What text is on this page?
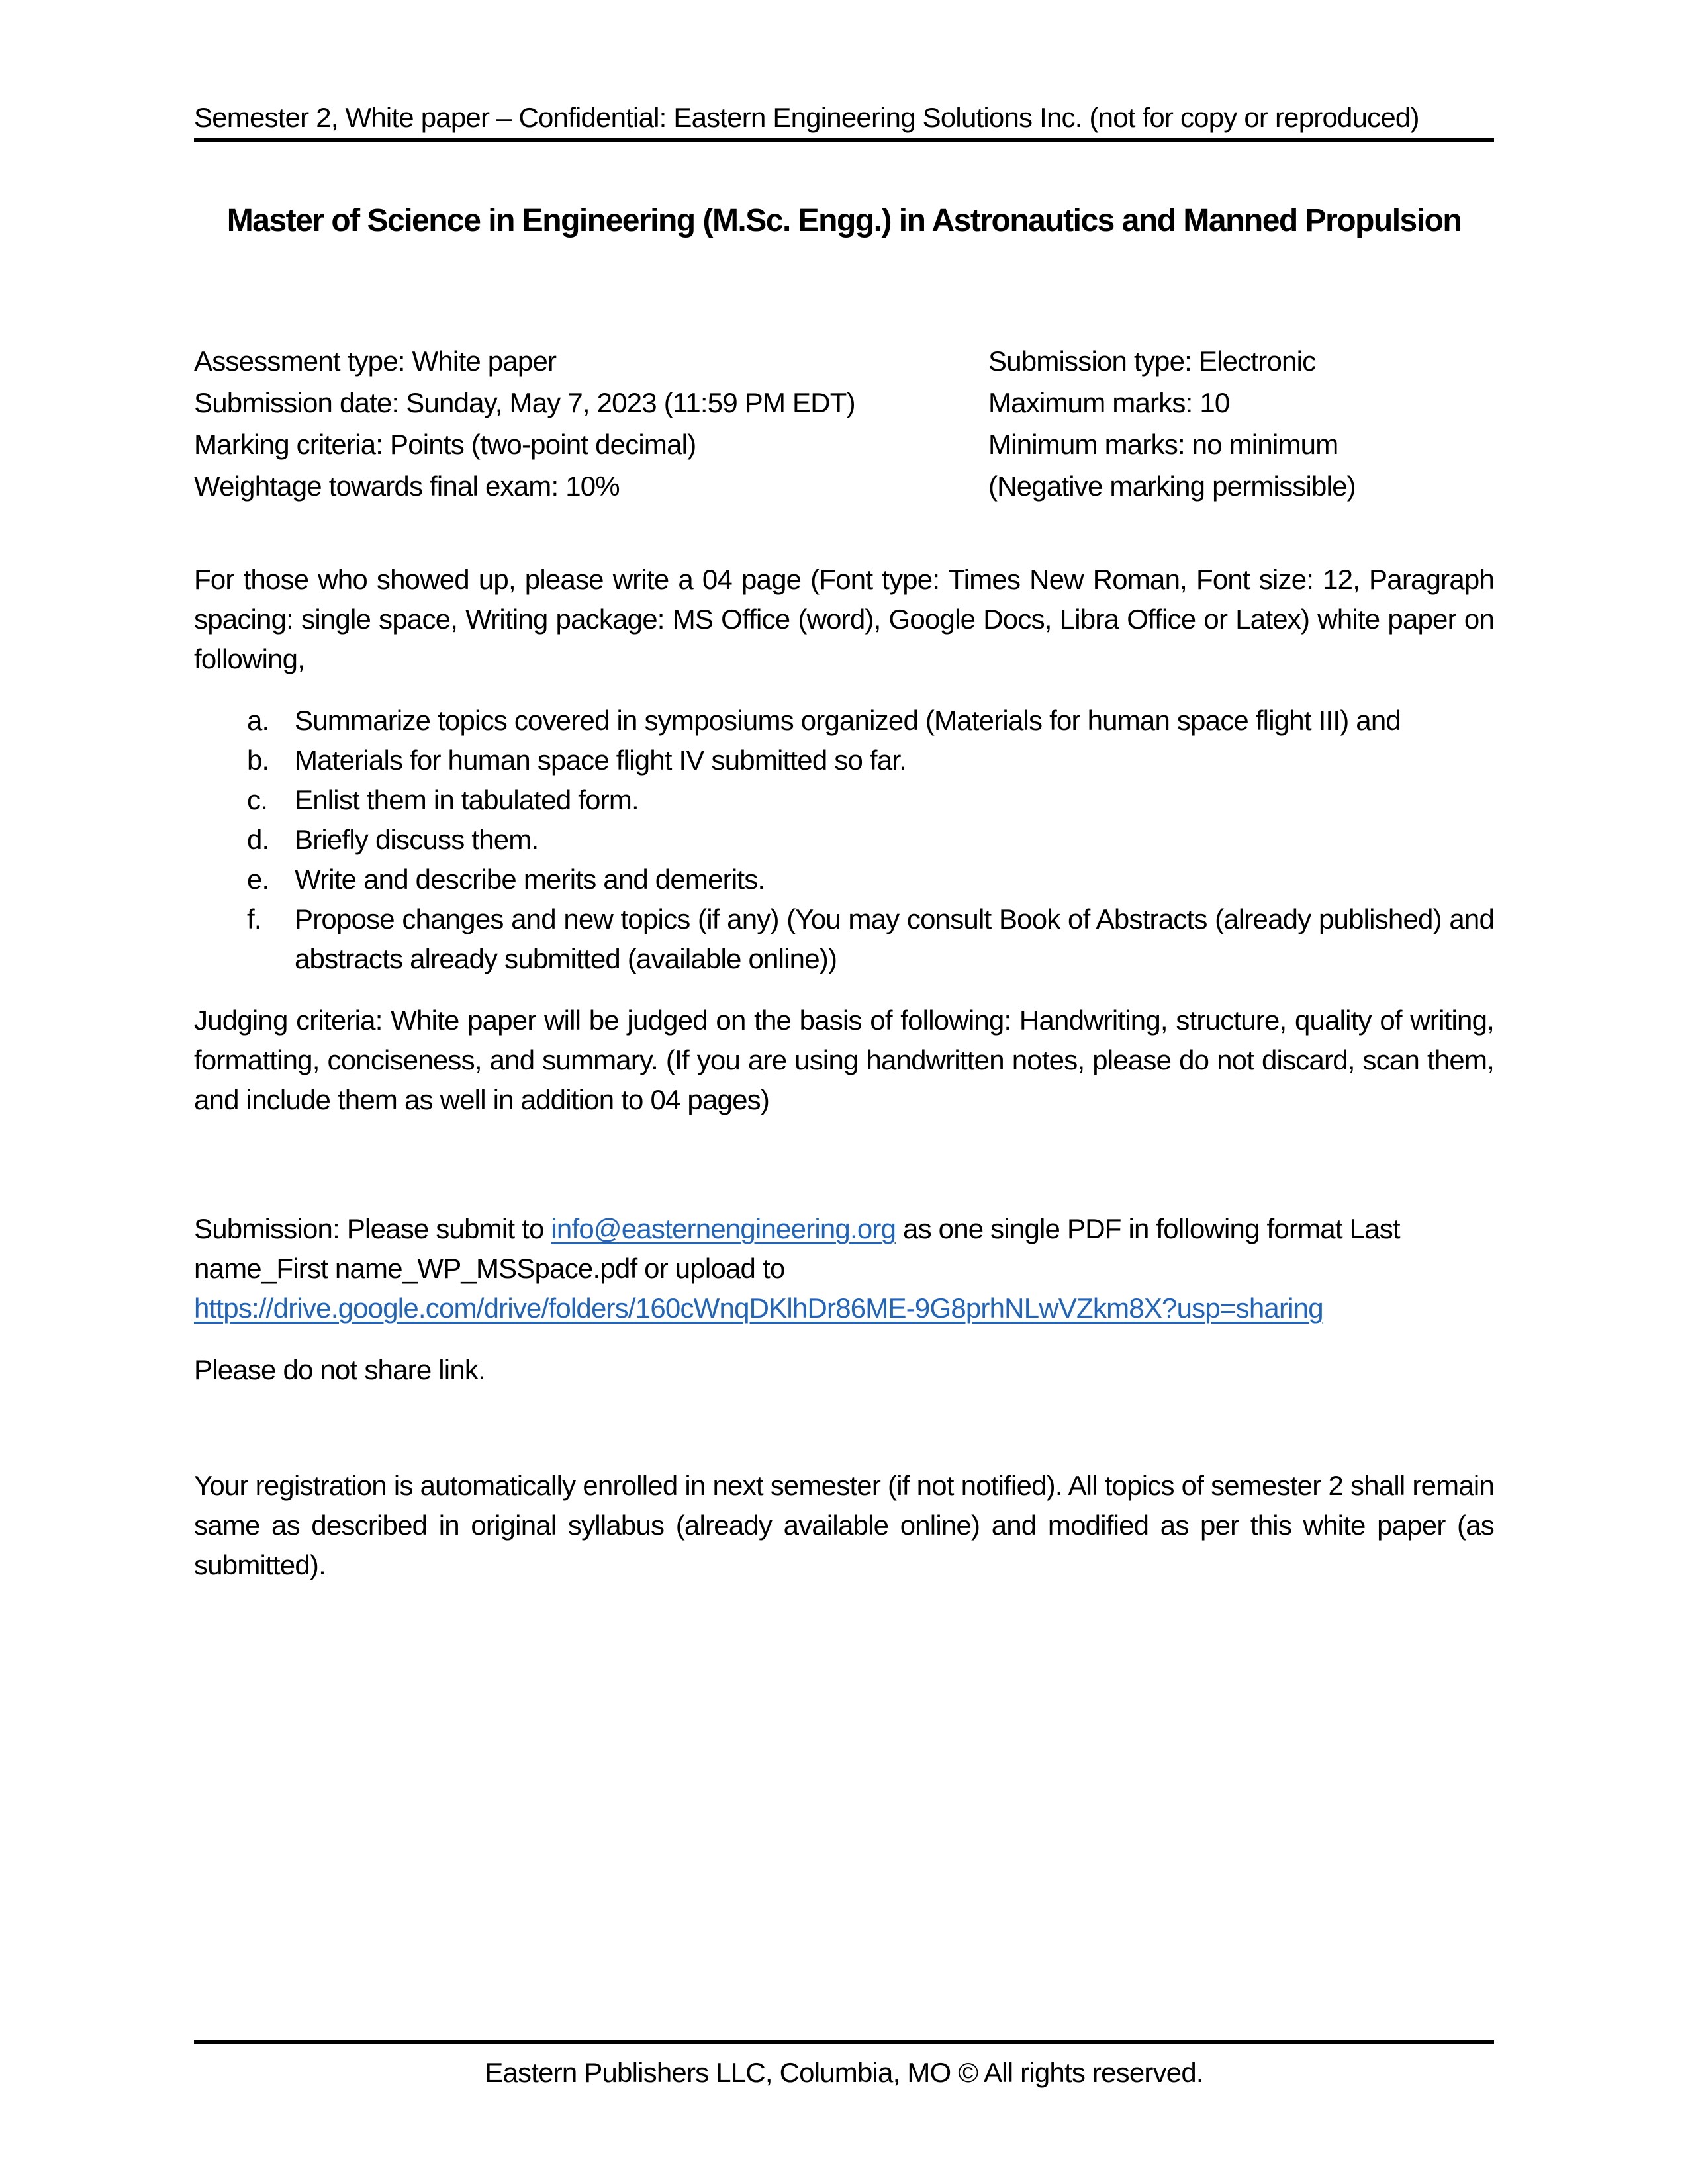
Semester 2, White paper – Confidential: Eastern Engineering Solutions Inc. (not for copy or reproduced)
Master of Science in Engineering (M.Sc. Engg.) in Astronautics and Manned Propulsion
Assessment type: White paper
Submission date: Sunday, May 7, 2023 (11:59 PM EDT)
Marking criteria: Points (two-point decimal)
Weightage towards final exam: 10%
Submission type: Electronic
Maximum marks: 10
Minimum marks: no minimum
(Negative marking permissible)

For those who showed up, please write a 04 page (Font type: Times New Roman, Font size: 12, Paragraph spacing: single space, Writing package: MS Office (word), Google Docs, Libra Office or Latex) white paper on following,

a. Summarize topics covered in symposiums organized (Materials for human space flight III) and
b. Materials for human space flight IV submitted so far.
c. Enlist them in tabulated form.
d. Briefly discuss them.
e. Write and describe merits and demerits.
f.	Propose changes and new topics (if any) (You may consult Book of Abstracts (already published) and abstracts already submitted (available online))

Judging criteria: White paper will be judged on the basis of following: Handwriting, structure, quality of writing, formatting, conciseness, and summary. (If you are using handwritten notes, please do not discard, scan them, and include them as well in addition to 04 pages)

Submission: Please submit to info@easternengineering.org as one single PDF in following format Last name_First name_WP_MSSpace.pdf or upload to https://drive.google.com/drive/folders/160cWnqDKlhDr86ME-9G8prhNLwVZkm8X?usp=sharing

Please do not share link.

Your registration is automatically enrolled in next semester (if not notified). All topics of semester 2 shall remain same as described in original syllabus (already available online) and modified as per this white paper (as submitted).

Eastern Publishers LLC, Columbia, MO © All rights reserved.
